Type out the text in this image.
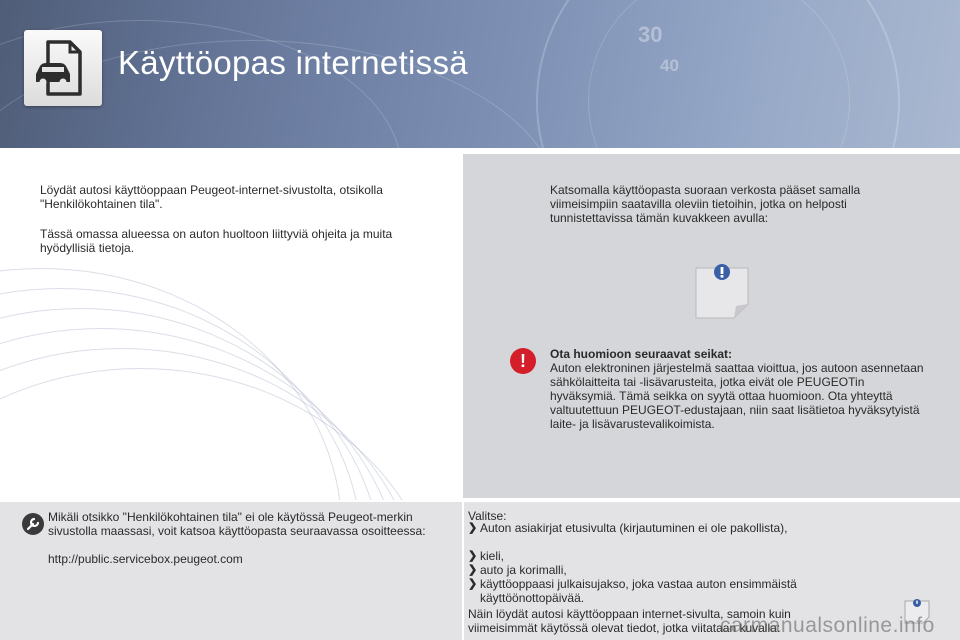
30
40
Käyttöopas internetissä

Löydät autosi käyttöoppaan Peugeot-internet-sivustolta, otsikolla "Henkilökohtainen tila".

Tässä omassa alueessa on auton huoltoon liittyviä ohjeita ja muita hyödyllisiä tietoja.

Katsomalla käyttöopasta suoraan verkosta pääset samalla viimeisimpiin saatavilla oleviin tietoihin, jotka on helposti tunnistettavissa tämän kuvakkeen avulla:

!	Ota huomioon seuraavat seikat:

Auton elektroninen järjestelmä saattaa vioittua, jos autoon asennetaan sähkölaitteita tai -lisävarusteita, jotka eivät ole PEUGEOTin hyväksymiä. Tämä seikka on syytä ottaa huomioon. Ota yhteyttä valtuutettuun PEUGEOT-edustajaan, niin saat lisätietoa hyväksytyistä laite- ja lisävarustevalikoimista.

Mikäli otsikko "Henkilökohtainen tila" ei ole käytössä Peugeot-merkin sivustolla maassasi, voit katsoa käyttöopasta seuraavassa osoitteessa:

http://public.servicebox.peugeot.com

Valitse:

❯ Auton asiakirjat etusivulta (kirjautuminen ei ole pakollista),
❯ kieli,
❯ auto ja korimalli,
❯ käyttöoppaasi julkaisujakso, joka vastaa auton ensimmäistä

käyttöönottopäivää.

Näin löydät autosi käyttöoppaan internet-sivulta, samoin kuin viimeisimmät käytössä olevat tiedot, jotka viitataan kuvalla:

carmanualsonline.info
